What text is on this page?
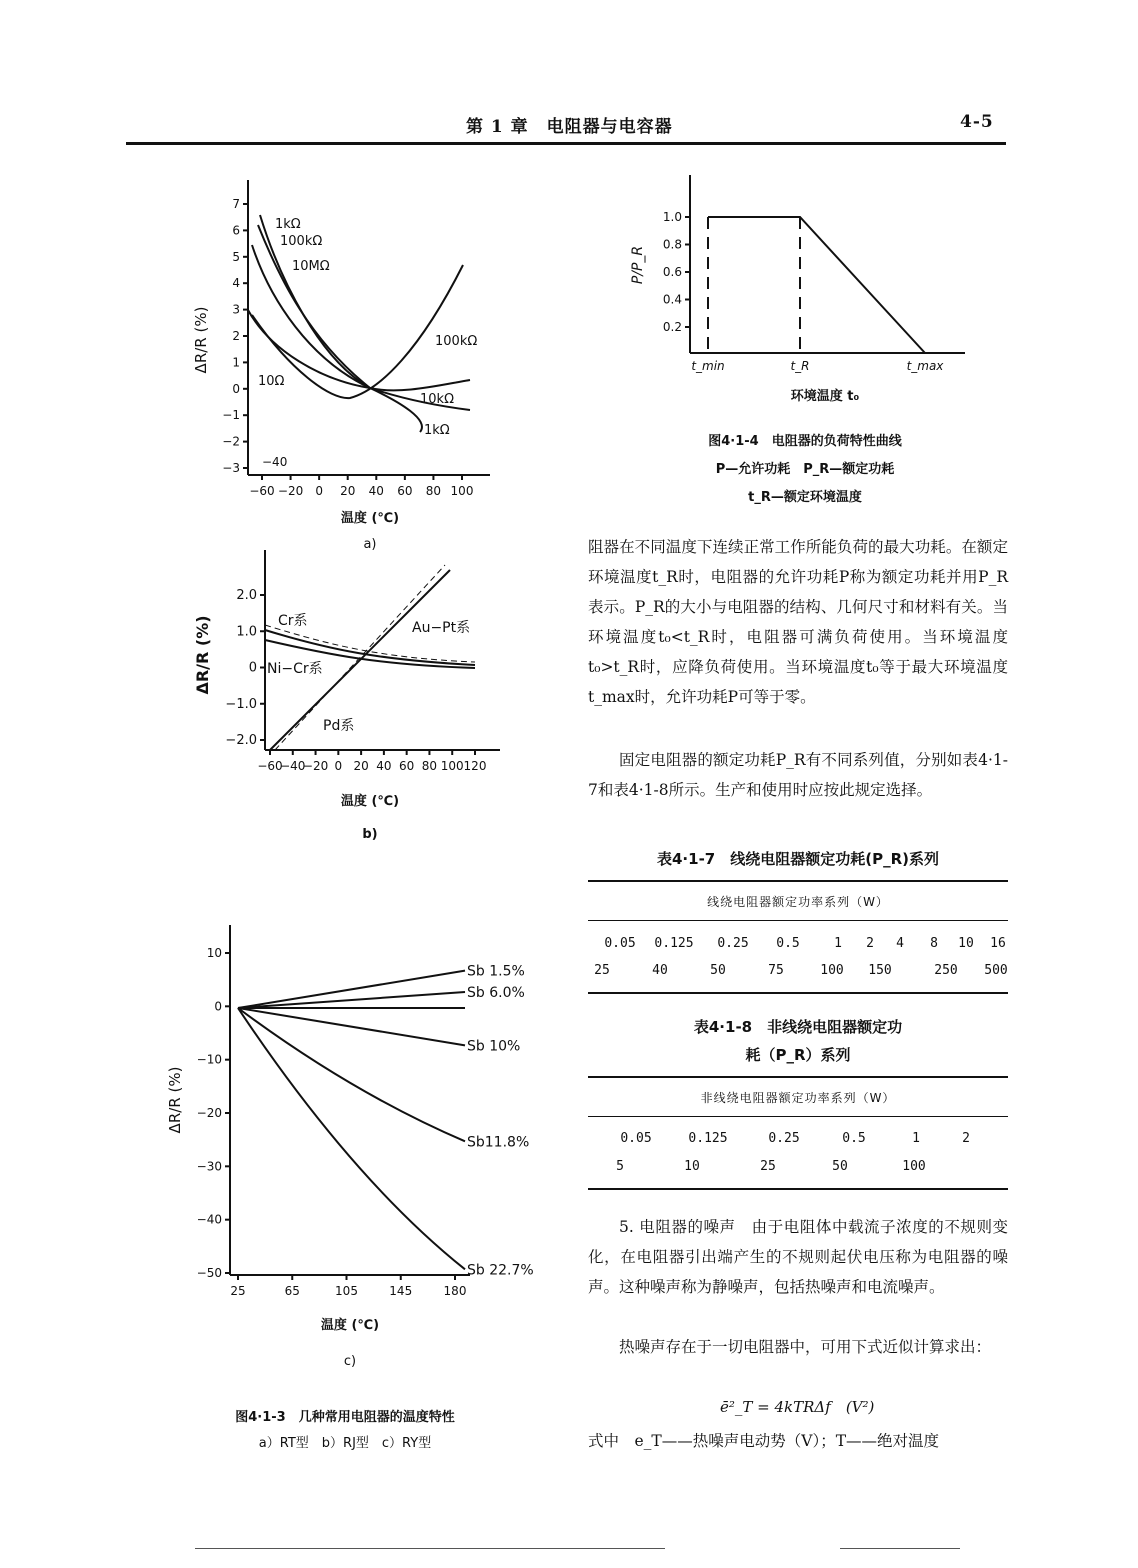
第 1 章　电阻器与电容器	4-5
7
6
5
4
3
2
1
0
−1
−2
−3
−60 −20 0 20 40 60 80 100
1kΩ
100kΩ
10MΩ
10Ω
100kΩ
10kΩ
1kΩ
−40
ΔR/R (%)
温度 (℃)
a)
2.0
1.0
0
−1.0
−2.0
−60
−40
−20 0 20 40 60 80 100 120
Cr系
Ni−Cr系
Au−Pt系
Pd系
ΔR/R (%)
温度 (℃)
b)
10
0
−10
−20
−30
−40
−50
25	65	105	145	180
Sb 1.5%
Sb 6.0%
Sb 10%
Sb11.8%
Sb 22.7%
ΔR/R (%)
温度 (℃)
c)
图4·1-3　几种常用电阻器的温度特性
a）RT型　b）RJ型　c）RY型
1.0
0.8
0.6
0.4
0.2
t_min	t_R	t_max
P/P_R
环境温度 t₀
图4·1-4　电阻器的负荷特性曲线
P—允许功耗　P_R—额定功耗
t_R—额定环境温度

阻器在不同温度下连续正常工作所能负荷的最大功耗。在额定环境温度t_R时，电阻器的允许功耗P称为额定功耗并用P_R表示。P_R的大小与电阻器的结构、几何尺寸和材料有关。当环境温度t₀<t_R时，电阻器可满负荷使用。当环境温度t₀>t_R时，应降负荷使用。当环境温度t₀等于最大环境温度t_max时，允许功耗P可等于零。

固定电阻器的额定功耗P_R有不同系列值，分别如表4·1-7和表4·1-8所示。生产和使用时应按此规定选择。

表4·1-7　线绕电阻器额定功耗(P_R)系列
线绕电阻器额定功率系列（W）
0.05 0.125 0.25 0.5	1 2 4 8 10 16
25	40	50	75	100 150	250 500
表4·1-8　非线绕电阻器额定功
耗（P_R）系列
非线绕电阻器额定功率系列（W）
0.05	0.125	0.25	0.5	1	2
5	10	25	50	100

5. 电阻器的噪声　由于电阻体中载流子浓度的不规则变化，在电阻器引出端产生的不规则起伏电压称为电阻器的噪声。这种噪声称为静噪声，包括热噪声和电流噪声。

热噪声存在于一切电阻器中，可用下式近似计算求出：

ē²_T = 4kTRΔf　(V²)

式中　e_T——热噪声电动势（V）；T——绝对温度
